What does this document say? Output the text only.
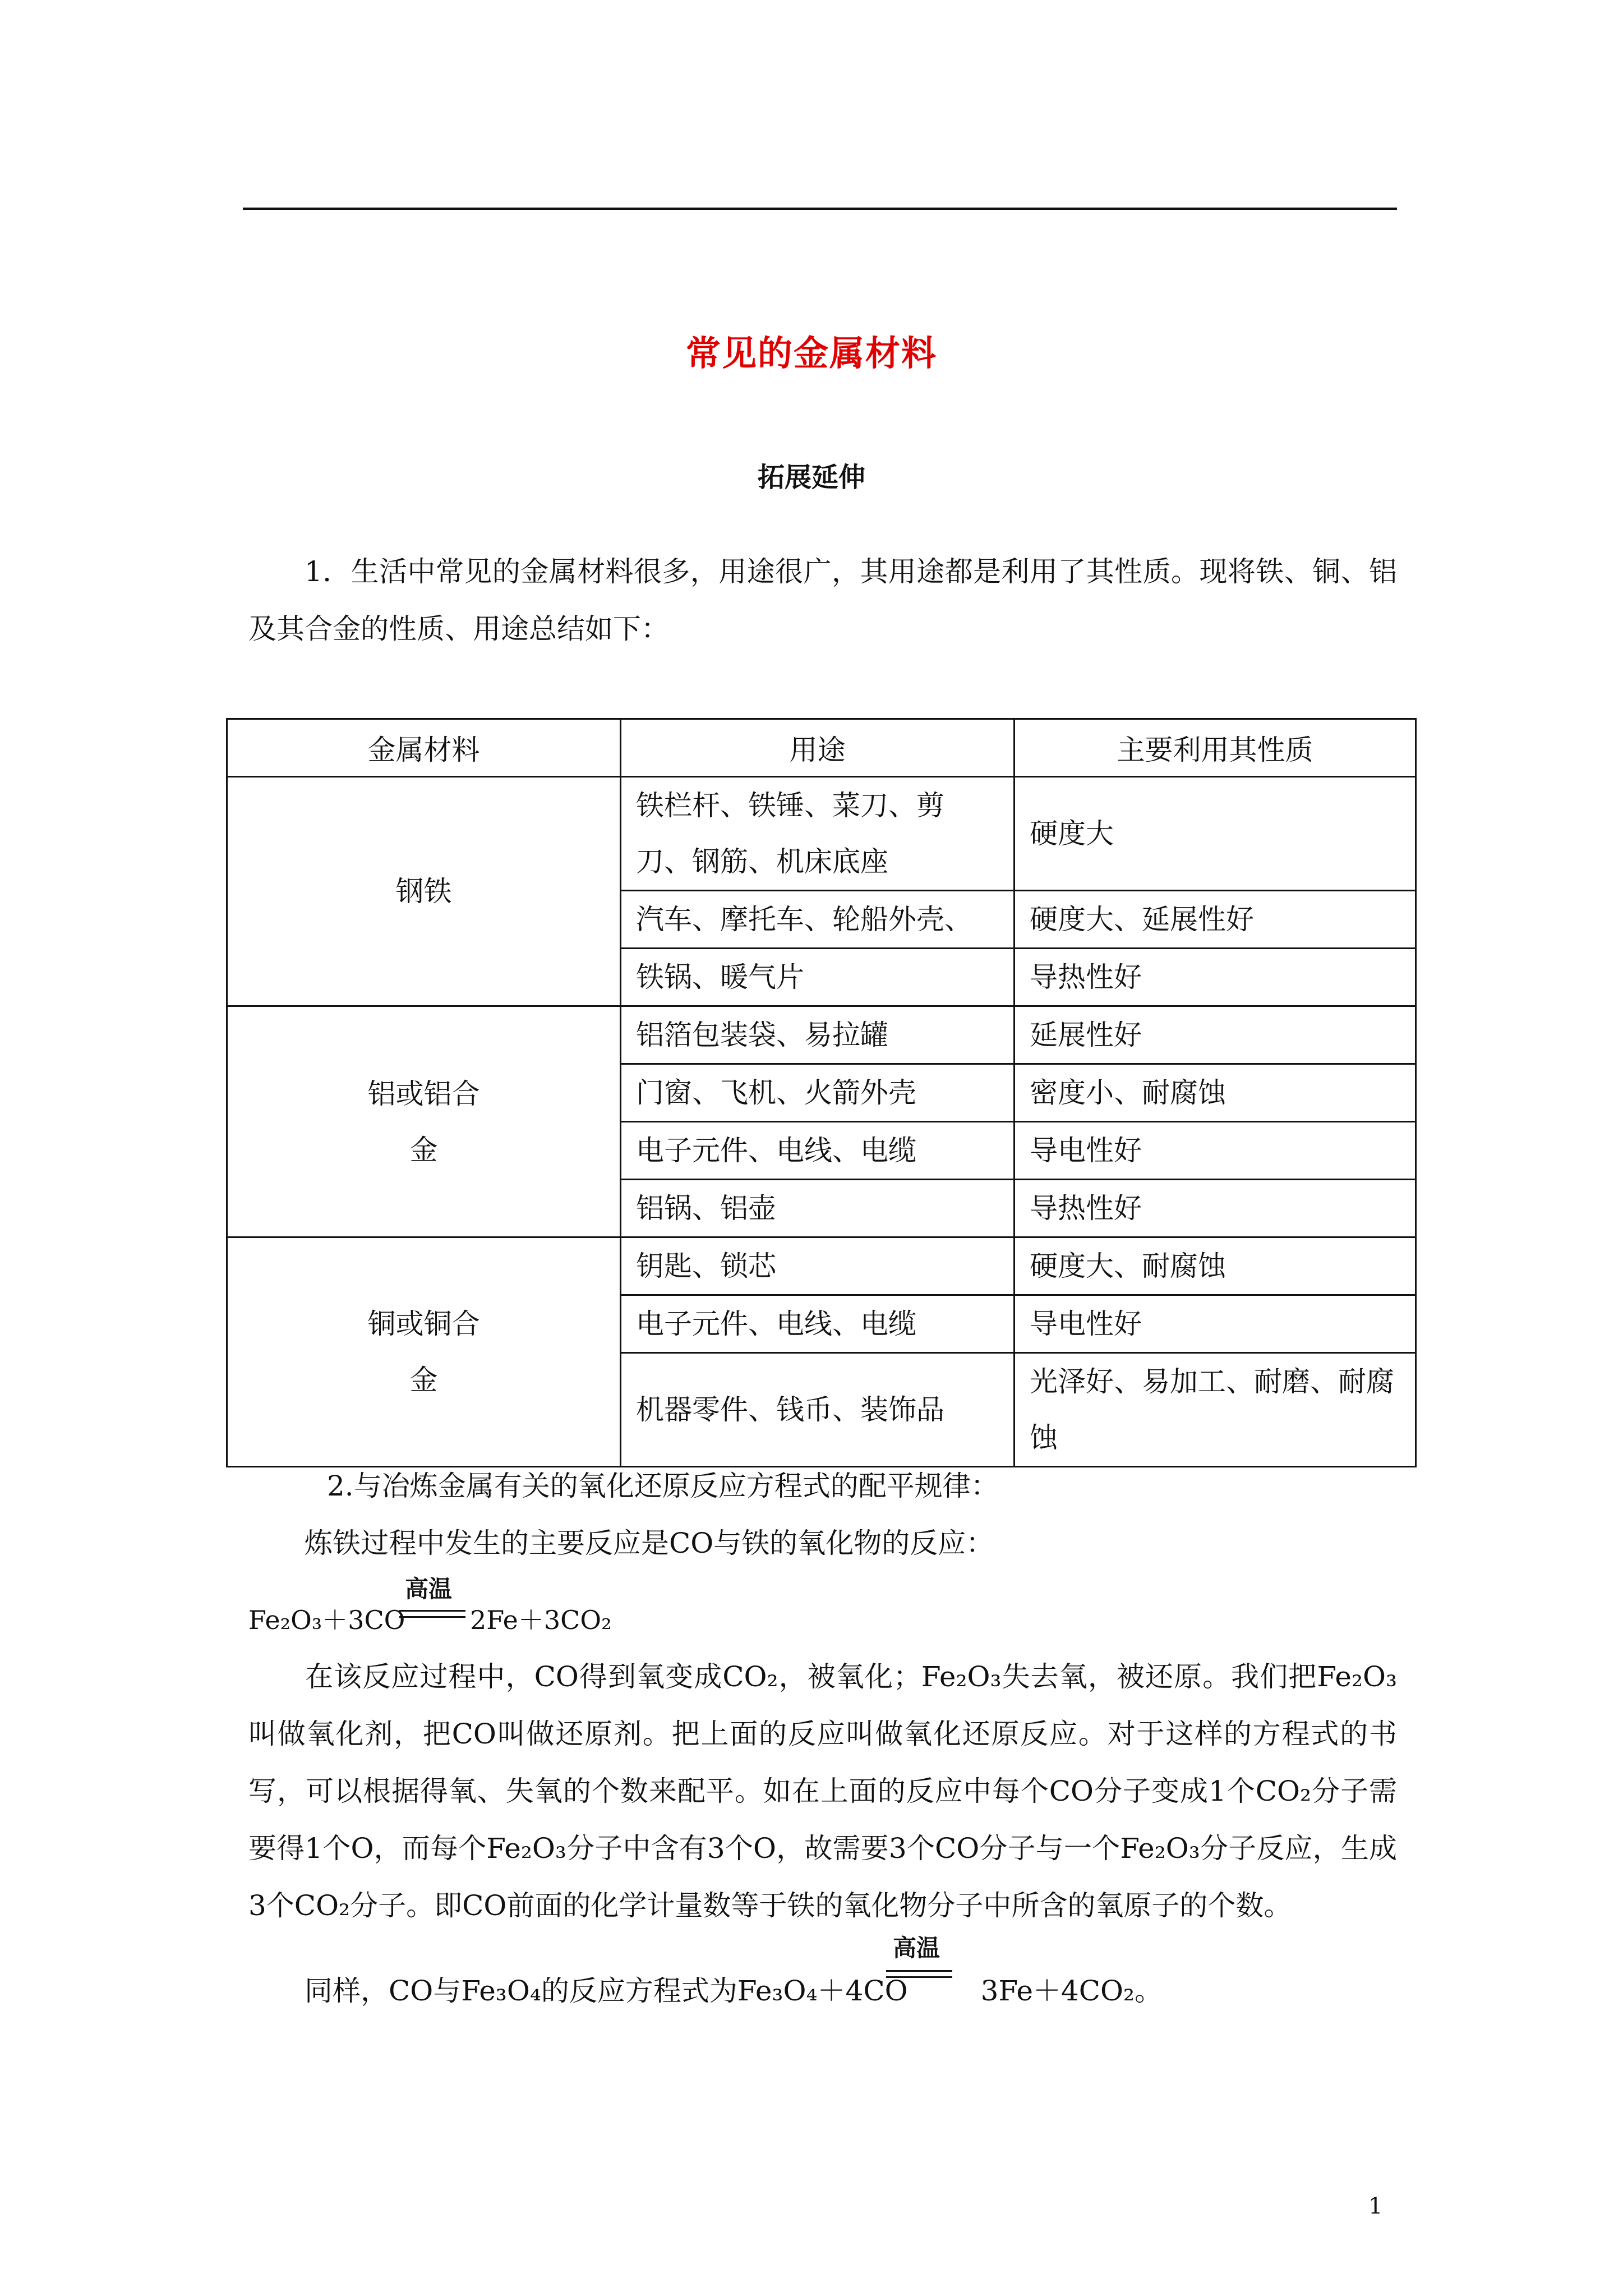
常见的金属材料
拓展延伸
1．生活中常见的金属材料很多，用途很广，其用途都是利用了其性质。现将铁、铜、铝及其合金的性质、用途总结如下：
金属材料	用途	主要利用其性质
钢铁	铁栏杆、铁锤、菜刀、剪刀、钢筋、机床底座	硬度大
	汽车、摩托车、轮船外壳、	硬度大、延展性好
	铁锅、暖气片	导热性好
铝或铝合金	铝箔包装袋、易拉罐	延展性好
	门窗、飞机、火箭外壳	密度小、耐腐蚀
	电子元件、电线、电缆	导电性好
	铝锅、铝壶	导热性好
铜或铜合金	钥匙、锁芯	硬度大、耐腐蚀
	电子元件、电线、电缆	导电性好
	机器零件、钱币、装饰品	光泽好、易加工、耐磨、耐腐蚀
2.与冶炼金属有关的氧化还原反应方程式的配平规律：
炼铁过程中发生的主要反应是CO与铁的氧化物的反应：
高温
Fe₂O₃＋3CO	2Fe＋3CO₂
在该反应过程中，CO得到氧变成CO₂，被氧化；Fe₂O₃失去氧，被还原。我们把Fe₂O₃叫做氧化剂，把CO叫做还原剂。把上面的反应叫做氧化还原反应。对于这样的方程式的书写，可以根据得氧、失氧的个数来配平。如在上面的反应中每个CO分子变成1个CO₂分子需要得1个O，而每个Fe₂O₃分子中含有3个O，故需要3个CO分子与一个Fe₂O₃分子反应，生成3个CO₂分子。即CO前面的化学计量数等于铁的氧化物分子中所含的氧原子的个数。
同样，CO与Fe₃O₄的反应方程式为Fe₃O₄＋4CO	3Fe＋4CO₂。
高温
1
